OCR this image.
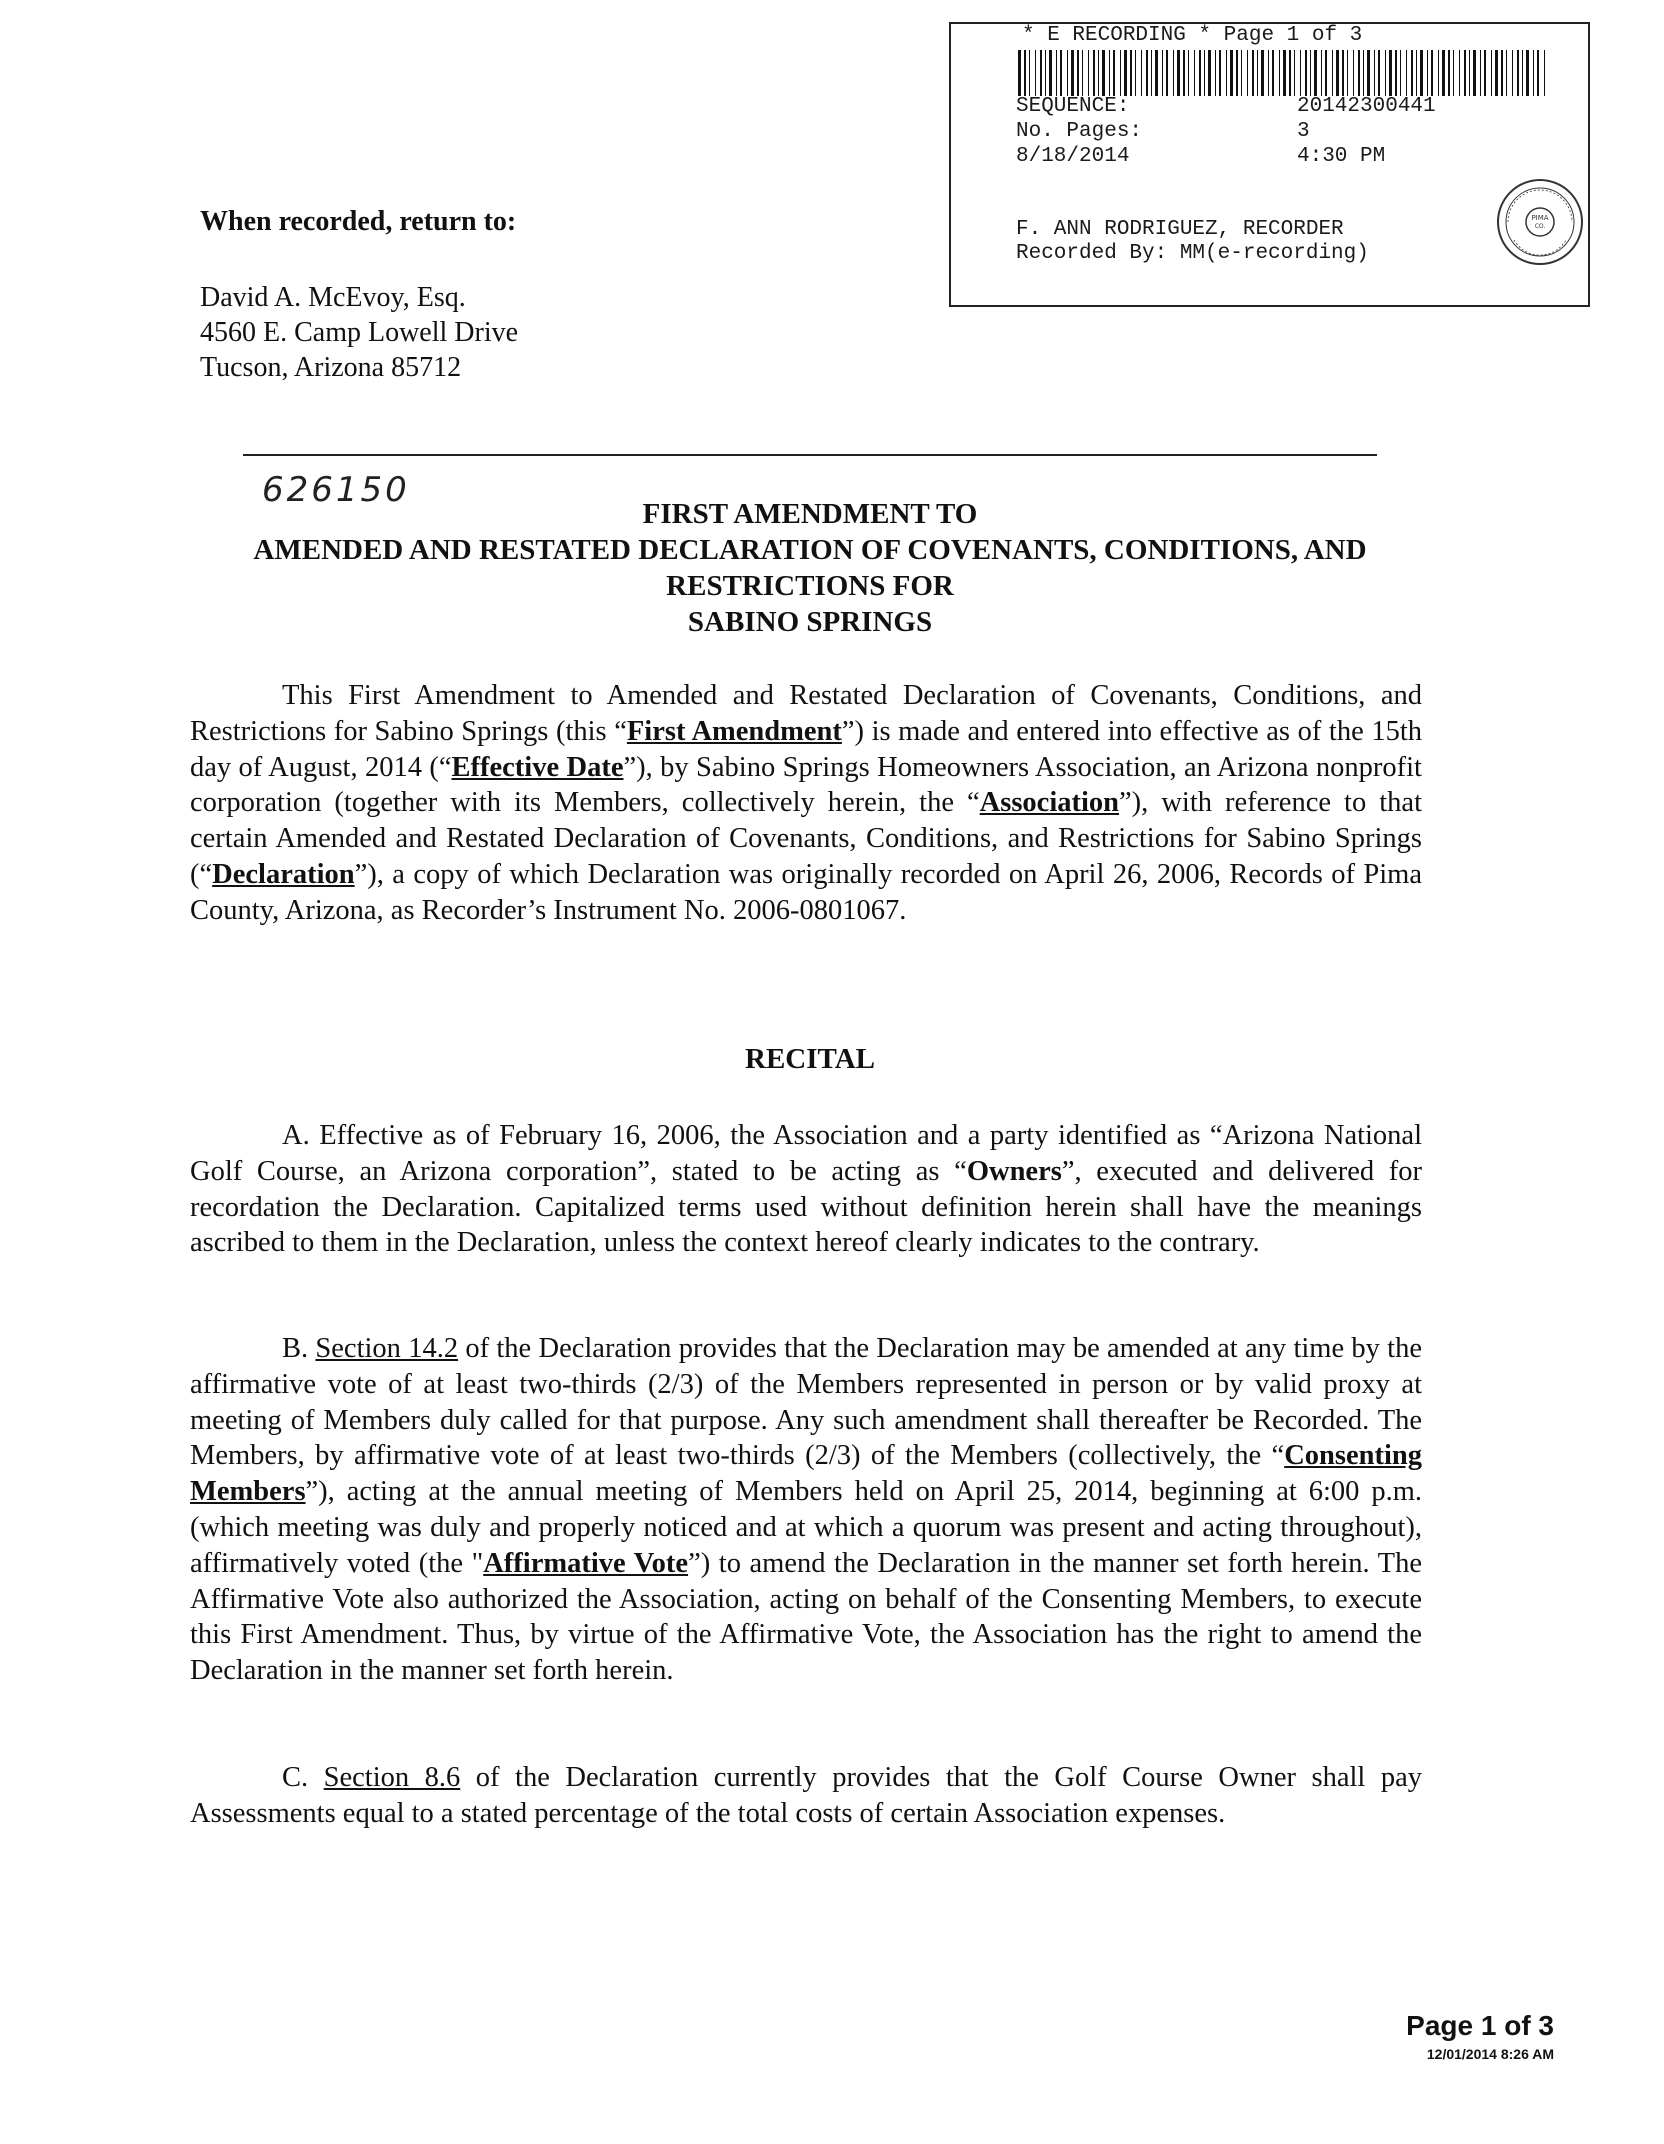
* E RECORDING * Page 1 of 3
SEQUENCE:	20142300441
No. Pages:	3
8/18/2014	4:30 PM
F. ANN RODRIGUEZ, RECORDER
Recorded By: MM(e-recording)
PIMA
CO.
When recorded, return to:
David A. McEvoy, Esq.
4560 E. Camp Lowell Drive
Tucson, Arizona 85712
626150
FIRST AMENDMENT TO
AMENDED AND RESTATED DECLARATION OF COVENANTS, CONDITIONS, AND
RESTRICTIONS FOR
SABINO SPRINGS

This First Amendment to Amended and Restated Declaration of Covenants, Conditions, and Restrictions for Sabino Springs (this “First Amendment”) is made and entered into effective as of the 15th day of August, 2014 (“Effective Date”), by Sabino Springs Homeowners Association, an Arizona nonprofit corporation (together with its Members, collectively herein, the “Association”), with reference to that certain Amended and Restated Declaration of Covenants, Conditions, and Restrictions for Sabino Springs (“Declaration”), a copy of which Declaration was originally recorded on April 26, 2006, Records of Pima County, Arizona, as Recorder’s Instrument No. 2006-0801067.

RECITAL

A. Effective as of February 16, 2006, the Association and a party identified as “Arizona National Golf Course, an Arizona corporation”, stated to be acting as “Owners”, executed and delivered for recordation the Declaration. Capitalized terms used without definition herein shall have the meanings ascribed to them in the Declaration, unless the context hereof clearly indicates to the contrary.

B. Section 14.2 of the Declaration provides that the Declaration may be amended at any time by the affirmative vote of at least two-thirds (2/3) of the Members represented in person or by valid proxy at meeting of Members duly called for that purpose. Any such amendment shall thereafter be Recorded. The Members, by affirmative vote of at least two-thirds (2/3) of the Members (collectively, the “Consenting Members”), acting at the annual meeting of Members held on April 25, 2014, beginning at 6:00 p.m. (which meeting was duly and properly noticed and at which a quorum was present and acting throughout), affirmatively voted (the "Affirmative Vote”) to amend the Declaration in the manner set forth herein. The Affirmative Vote also authorized the Association, acting on behalf of the Consenting Members, to execute this First Amendment. Thus, by virtue of the Affirmative Vote, the Association has the right to amend the Declaration in the manner set forth herein.

C. Section 8.6 of the Declaration currently provides that the Golf Course Owner shall pay Assessments equal to a stated percentage of the total costs of certain Association expenses.

Page 1 of 3
12/01/2014 8:26 AM
